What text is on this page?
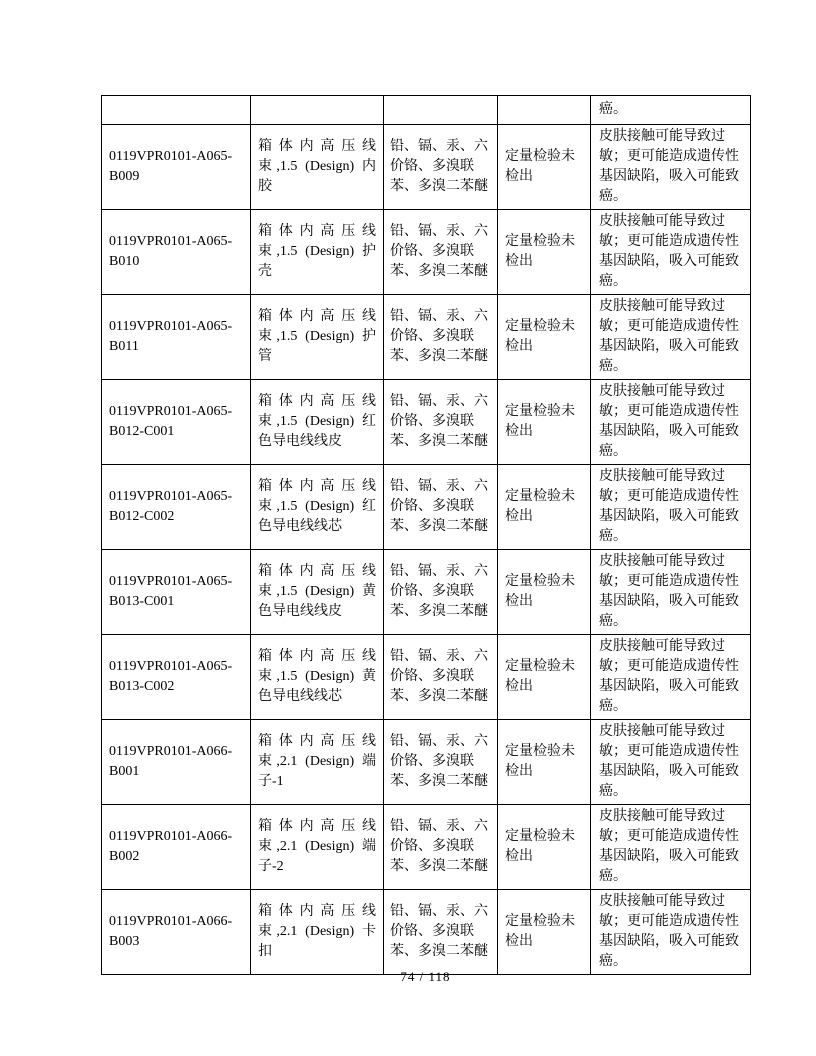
				癌。
0119VPR0101-A065-B009	箱体内高压线束,1.5 (Design) 内胶	铅、镉、汞、六价铬、多溴联苯、多溴二苯醚	定量检验未检出	皮肤接触可能导致过敏；更可能造成遗传性基因缺陷，吸入可能致癌。
0119VPR0101-A065-B010	箱体内高压线束,1.5 (Design) 护壳	铅、镉、汞、六价铬、多溴联苯、多溴二苯醚	定量检验未检出	皮肤接触可能导致过敏；更可能造成遗传性基因缺陷，吸入可能致癌。
0119VPR0101-A065-B011	箱体内高压线束,1.5 (Design) 护管	铅、镉、汞、六价铬、多溴联苯、多溴二苯醚	定量检验未检出	皮肤接触可能导致过敏；更可能造成遗传性基因缺陷，吸入可能致癌。
0119VPR0101-A065-B012-C001	箱体内高压线束,1.5 (Design) 红色导电线线皮	铅、镉、汞、六价铬、多溴联苯、多溴二苯醚	定量检验未检出	皮肤接触可能导致过敏；更可能造成遗传性基因缺陷，吸入可能致癌。
0119VPR0101-A065-B012-C002	箱体内高压线束,1.5 (Design) 红色导电线线芯	铅、镉、汞、六价铬、多溴联苯、多溴二苯醚	定量检验未检出	皮肤接触可能导致过敏；更可能造成遗传性基因缺陷，吸入可能致癌。
0119VPR0101-A065-B013-C001	箱体内高压线束,1.5 (Design) 黄色导电线线皮	铅、镉、汞、六价铬、多溴联苯、多溴二苯醚	定量检验未检出	皮肤接触可能导致过敏；更可能造成遗传性基因缺陷，吸入可能致癌。
0119VPR0101-A065-B013-C002	箱体内高压线束,1.5 (Design) 黄色导电线线芯	铅、镉、汞、六价铬、多溴联苯、多溴二苯醚	定量检验未检出	皮肤接触可能导致过敏；更可能造成遗传性基因缺陷，吸入可能致癌。
0119VPR0101-A066-B001	箱体内高压线束,2.1 (Design) 端子-1	铅、镉、汞、六价铬、多溴联苯、多溴二苯醚	定量检验未检出	皮肤接触可能导致过敏；更可能造成遗传性基因缺陷，吸入可能致癌。
0119VPR0101-A066-B002	箱体内高压线束,2.1 (Design) 端子-2	铅、镉、汞、六价铬、多溴联苯、多溴二苯醚	定量检验未检出	皮肤接触可能导致过敏；更可能造成遗传性基因缺陷，吸入可能致癌。
0119VPR0101-A066-B003	箱体内高压线束,2.1 (Design) 卡扣	铅、镉、汞、六价铬、多溴联苯、多溴二苯醚	定量检验未检出	皮肤接触可能导致过敏；更可能造成遗传性基因缺陷，吸入可能致癌。
74 / 118
